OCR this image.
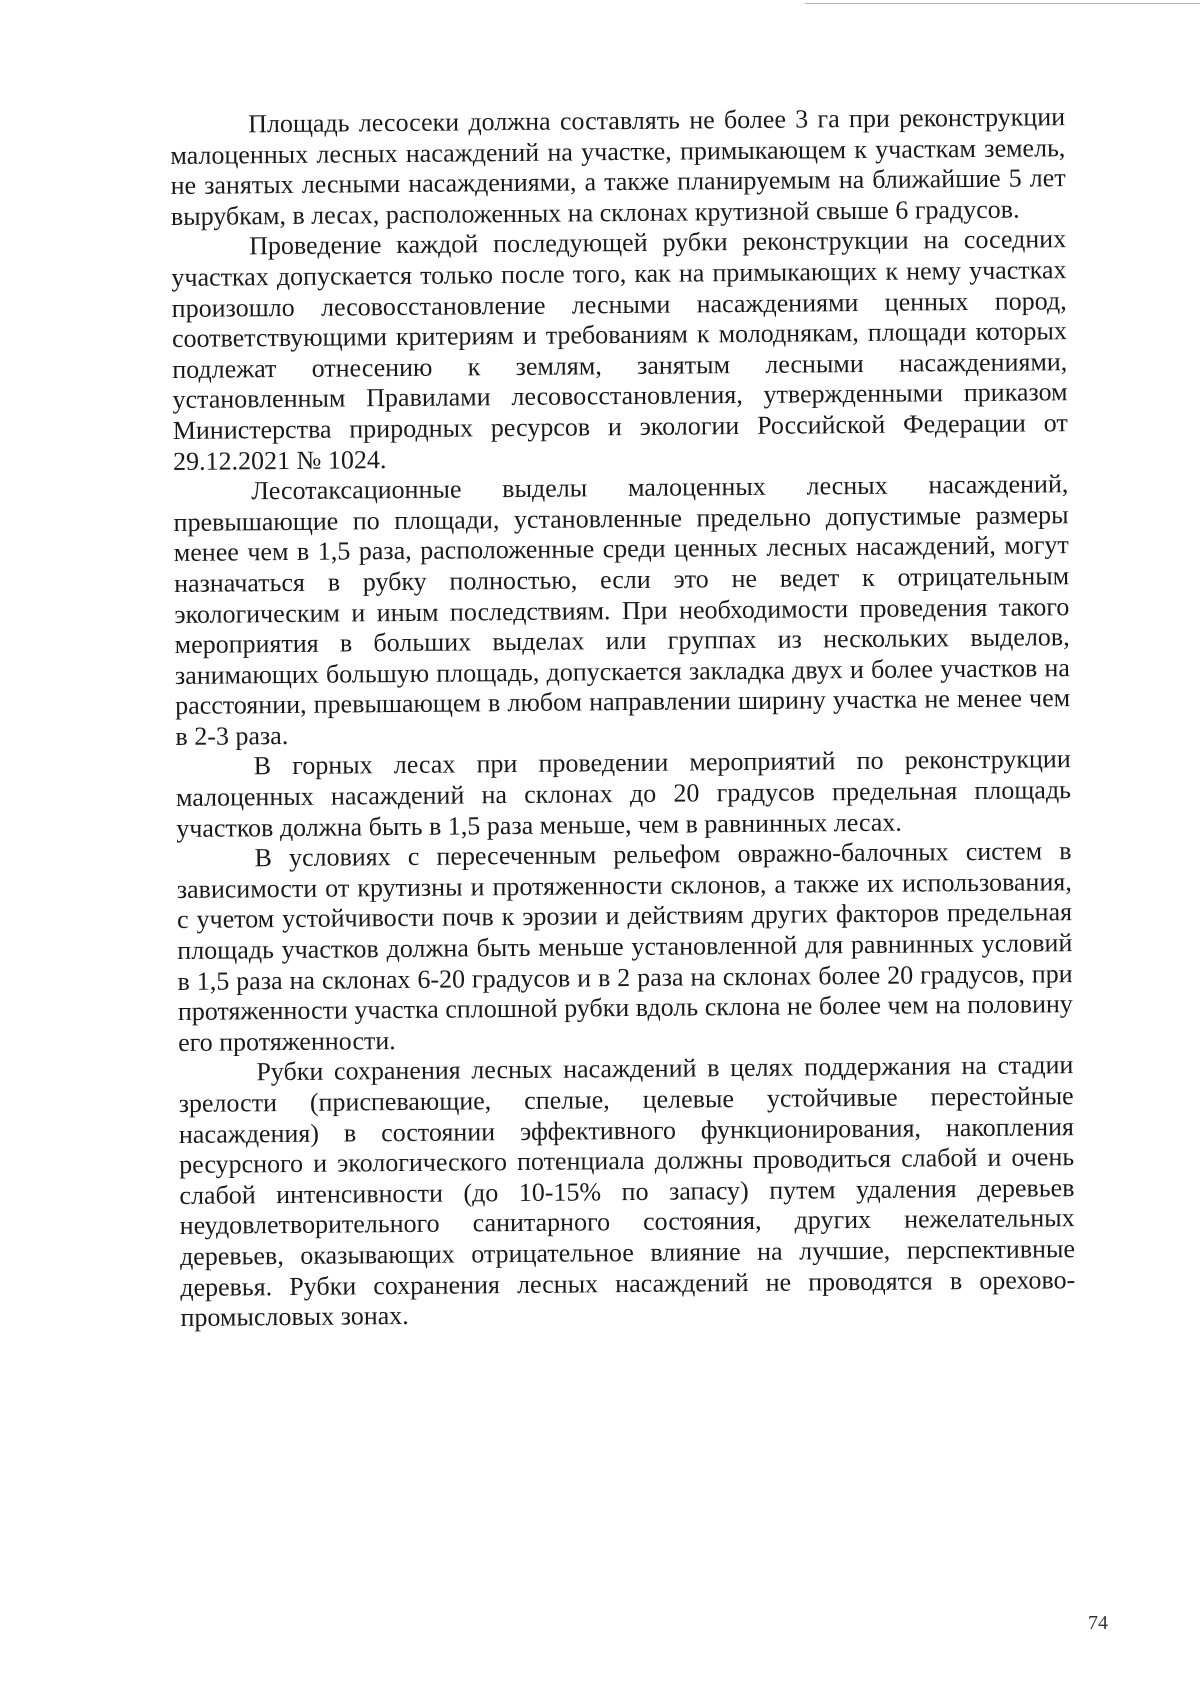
Площадь лесосеки должна составлять не более 3 га при реконструкции малоценных лесных насаждений на участке, примыкающем к участкам земель, не занятых лесными насаждениями, а также планируемым на ближайшие 5 лет вырубкам, в лесах, расположенных на склонах крутизной свыше 6 градусов.

Проведение каждой последующей рубки реконструкции на соседних участках допускается только после того, как на примыкающих к нему участках произошло лесовосстановление лесными насаждениями ценных пород, соответствующими критериям и требованиям к молоднякам, площади которых подлежат отнесению к землям, занятым лесными насаждениями, установленным Правилами лесовосстановления, утвержденными приказом Министерства природных ресурсов и экологии Российской Федерации от 29.12.2021 № 1024.

Лесотаксационные выделы малоценных лесных насаждений, превышающие по площади, установленные предельно допустимые размеры менее чем в 1,5 раза, расположенные среди ценных лесных насаждений, могут назначаться в рубку полностью, если это не ведет к отрицательным экологическим и иным последствиям. При необходимости проведения такого мероприятия в больших выделах или группах из нескольких выделов, занимающих большую площадь, допускается закладка двух и более участков на расстоянии, превышающем в любом направлении ширину участка не менее чем в 2-3 раза.

В горных лесах при проведении мероприятий по реконструкции малоценных насаждений на склонах до 20 градусов предельная площадь участков должна быть в 1,5 раза меньше, чем в равнинных лесах.

В условиях с пересеченным рельефом овражно-балочных систем в зависимости от крутизны и протяженности склонов, а также их использования, с учетом устойчивости почв к эрозии и действиям других факторов предельная площадь участков должна быть меньше установленной для равнинных условий в 1,5 раза на склонах 6-20 градусов и в 2 раза на склонах более 20 градусов, при протяженности участка сплошной рубки вдоль склона не более чем на половину его протяженности.

Рубки сохранения лесных насаждений в целях поддержания на стадии зрелости (приспевающие, спелые, целевые устойчивые перестойные насаждения) в состоянии эффективного функционирования, накопления ресурсного и экологического потенциала должны проводиться слабой и очень слабой интенсивности (до 10-15% по запасу) путем удаления деревьев неудовлетворительного санитарного состояния, других нежелательных деревьев, оказывающих отрицательное влияние на лучшие, перспективные деревья. Рубки сохранения лесных насаждений не проводятся в орехово-промысловых зонах.

74
